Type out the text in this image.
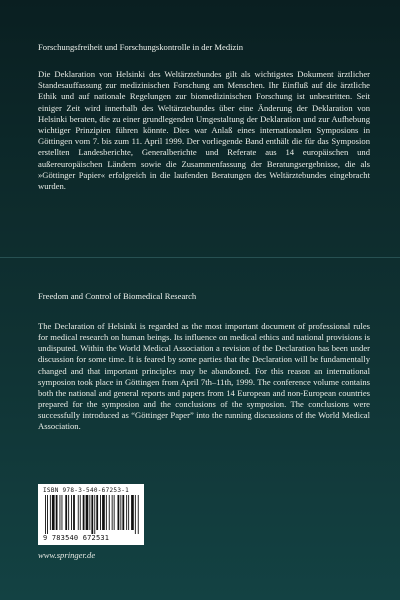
Forschungsfreiheit und Forschungskontrolle in der Medizin

Die Deklaration von Helsinki des Weltärztebundes gilt als wichtigstes Dokument ärztlicher Standesauffassung zur medizinischen Forschung am Menschen. Ihr Einfluß auf die ärztliche Ethik und auf nationale Regelungen zur biomedizinischen Forschung ist unbestritten. Seit einiger Zeit wird innerhalb des Weltärztebundes über eine Änderung der Deklaration von Helsinki beraten, die zu einer grundlegenden Umgestaltung der Deklaration und zur Aufhebung wichtiger Prinzipien führen könnte. Dies war Anlaß eines internationalen Symposions in Göttingen vom 7. bis zum 11. April 1999. Der vorliegende Band enthält die für das Symposion erstellten Landesberichte, Generalberichte und Referate aus 14 europäischen und außereuropäischen Ländern sowie die Zusammenfassung der Beratungsergebnisse, die als »Göttinger Papier« erfolgreich in die laufenden Beratungen des Weltärztebundes eingebracht wurden.

Freedom and Control of Biomedical Research

The Declaration of Helsinki is regarded as the most important document of professional rules for medical research on human beings. Its influence on medical ethics and national provisions is undisputed. Within the World Medical Association a revision of the Declaration has been under discussion for some time. It is feared by some parties that the Declaration will be fundamentally changed and that important principles may be abandoned. For this reason an international symposion took place in Göttingen from April 7th–11th, 1999. The conference volume contains both the national and general reports and papers from 14 European and non-European countries prepared for the symposion and the conclusions of the symposion. The conclusions were successfully introduced as “Göttinger Paper” into the running discussions of the World Medical Association.

ISBN 978-3-540-67253-1
9 783540 672531

www.springer.de
